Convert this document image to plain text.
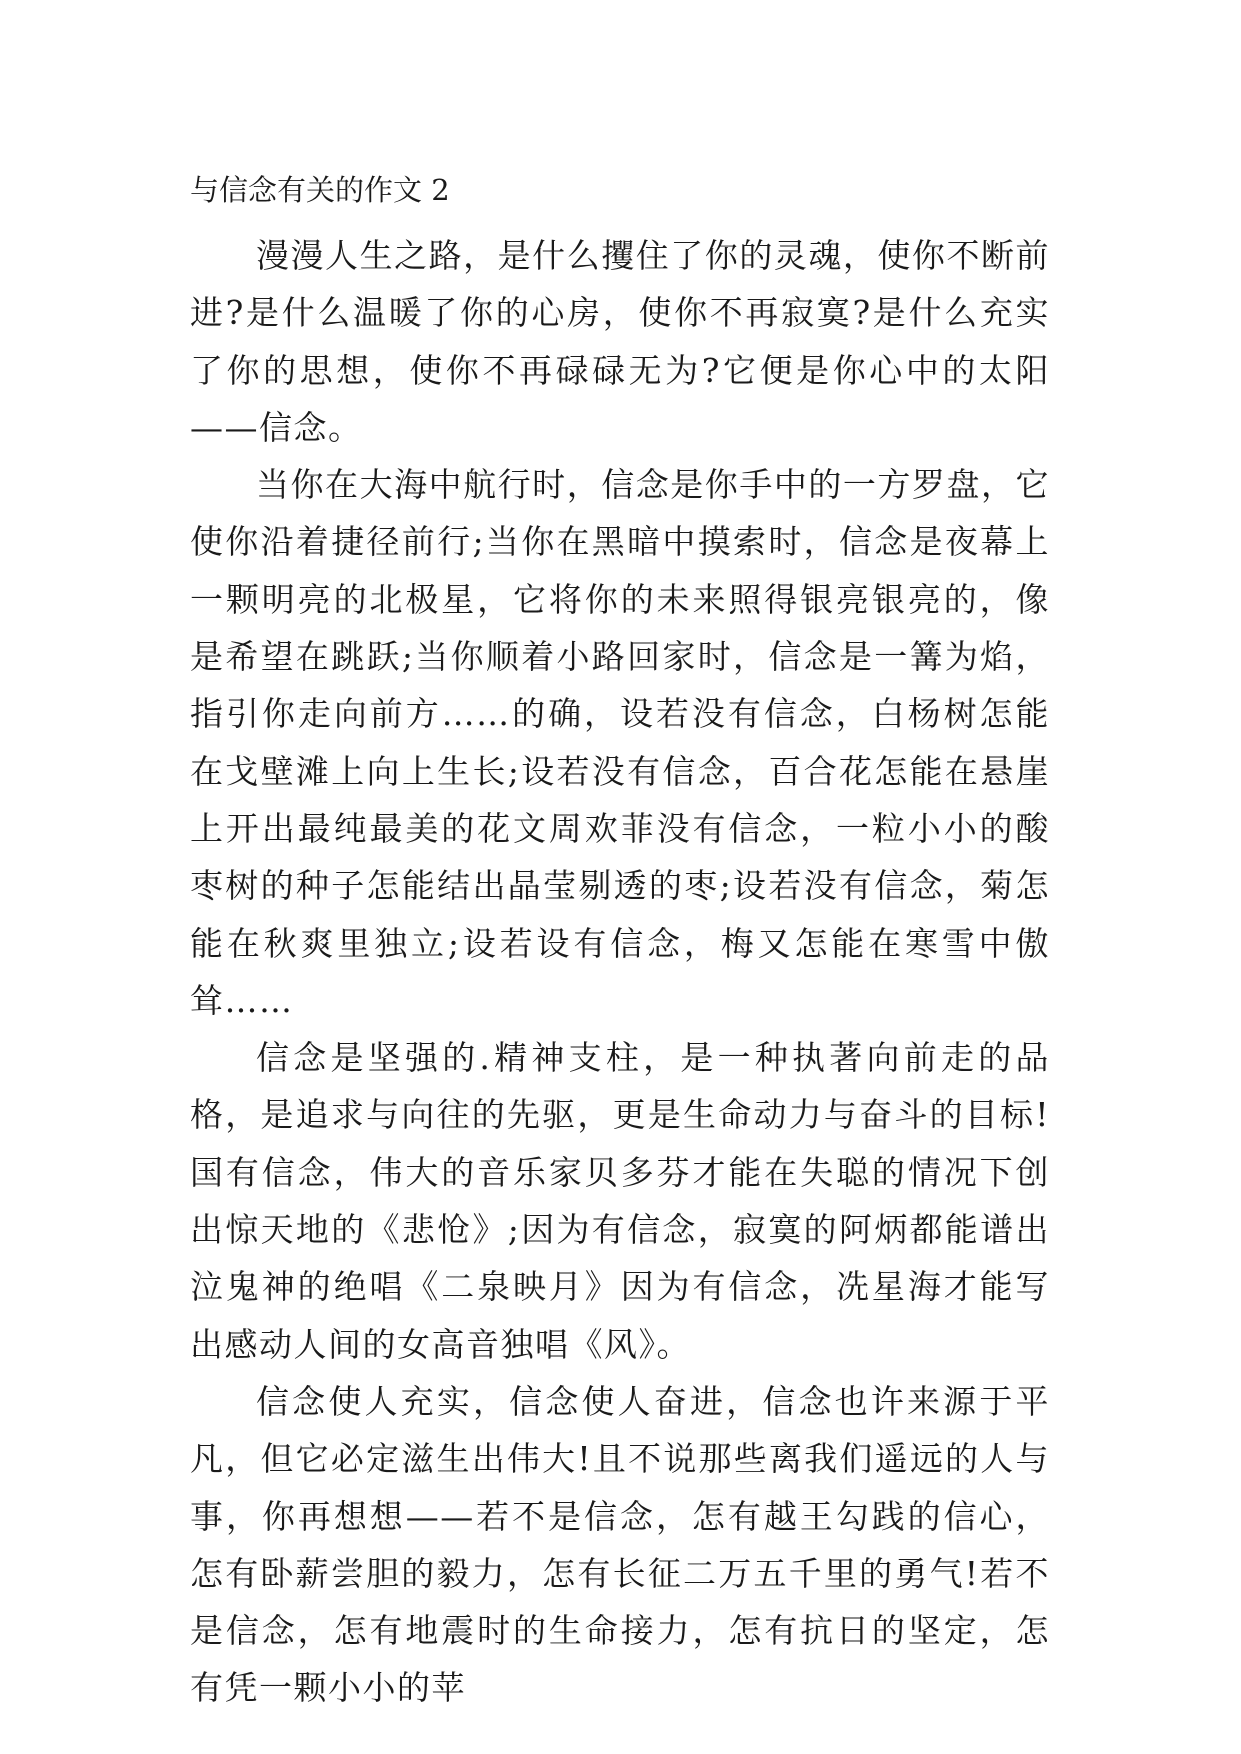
与信念有关的作文 2

漫漫人生之路，是什么攫住了你的灵魂，使你不断前进?是什么温暖了你的心房，使你不再寂寞?是什么充实了你的思想，使你不再碌碌无为?它便是你心中的太阳——信念。

当你在大海中航行时，信念是你手中的一方罗盘，它使你沿着捷径前行;当你在黑暗中摸索时，信念是夜幕上一颗明亮的北极星，它将你的未来照得银亮银亮的，像是希望在跳跃;当你顺着小路回家时，信念是一篝为焰，指引你走向前方……的确，设若没有信念，白杨树怎能在戈壁滩上向上生长;设若没有信念，百合花怎能在悬崖上开出最纯最美的花文周欢菲没有信念，一粒小小的酸枣树的种子怎能结出晶莹剔透的枣;设若没有信念，菊怎能在秋爽里独立;设若设有信念，梅又怎能在寒雪中傲耸……

信念是坚强的.精神支柱，是一种执著向前走的品格，是追求与向往的先驱，更是生命动力与奋斗的目标!国有信念，伟大的音乐家贝多芬才能在失聪的情况下创出惊天地的《悲怆》;因为有信念，寂寞的阿炳都能谱出泣鬼神的绝唱《二泉映月》因为有信念，冼星海才能写出感动人间的女高音独唱《风》。

信念使人充实，信念使人奋进，信念也许来源于平凡，但它必定滋生出伟大!且不说那些离我们遥远的人与事，你再想想——若不是信念，怎有越王勾践的信心，怎有卧薪尝胆的毅力，怎有长征二万五千里的勇气!若不是信念，怎有地震时的生命接力，怎有抗日的坚定，怎有凭一颗小小的苹
